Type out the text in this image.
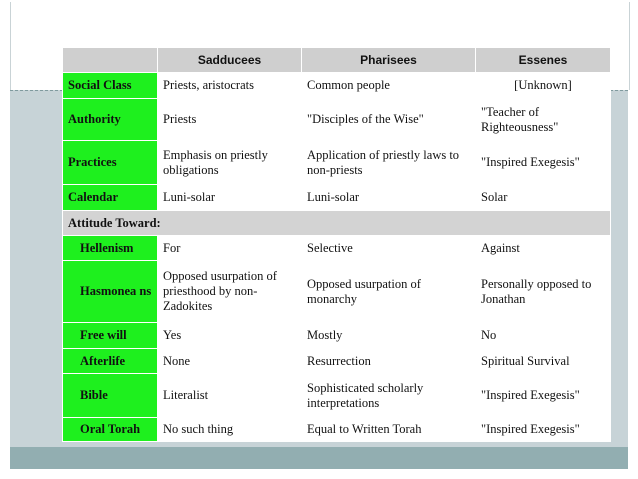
	Sadducees	Pharisees	Essenes
Social Class	Priests, aristocrats	Common people	[Unknown]
Authority	Priests	"Disciples of the Wise"	"Teacher of Righteousness"
Practices	Emphasis on priestly obligations	Application of priestly laws to non-priests	"Inspired Exegesis"
Calendar	Luni-solar	Luni-solar	Solar
Attitude Toward:			
Hellenism	For	Selective	Against
Hasmonea ns	Opposed usurpation of priesthood by non-Zadokites	Opposed usurpation of monarchy	Personally opposed to Jonathan
Free will	Yes	Mostly	No
Afterlife	None	Resurrection	Spiritual Survival
Bible	Literalist	Sophisticated scholarly interpretations	"Inspired Exegesis"
Oral Torah	No such thing	Equal to Written Torah	"Inspired Exegesis"
